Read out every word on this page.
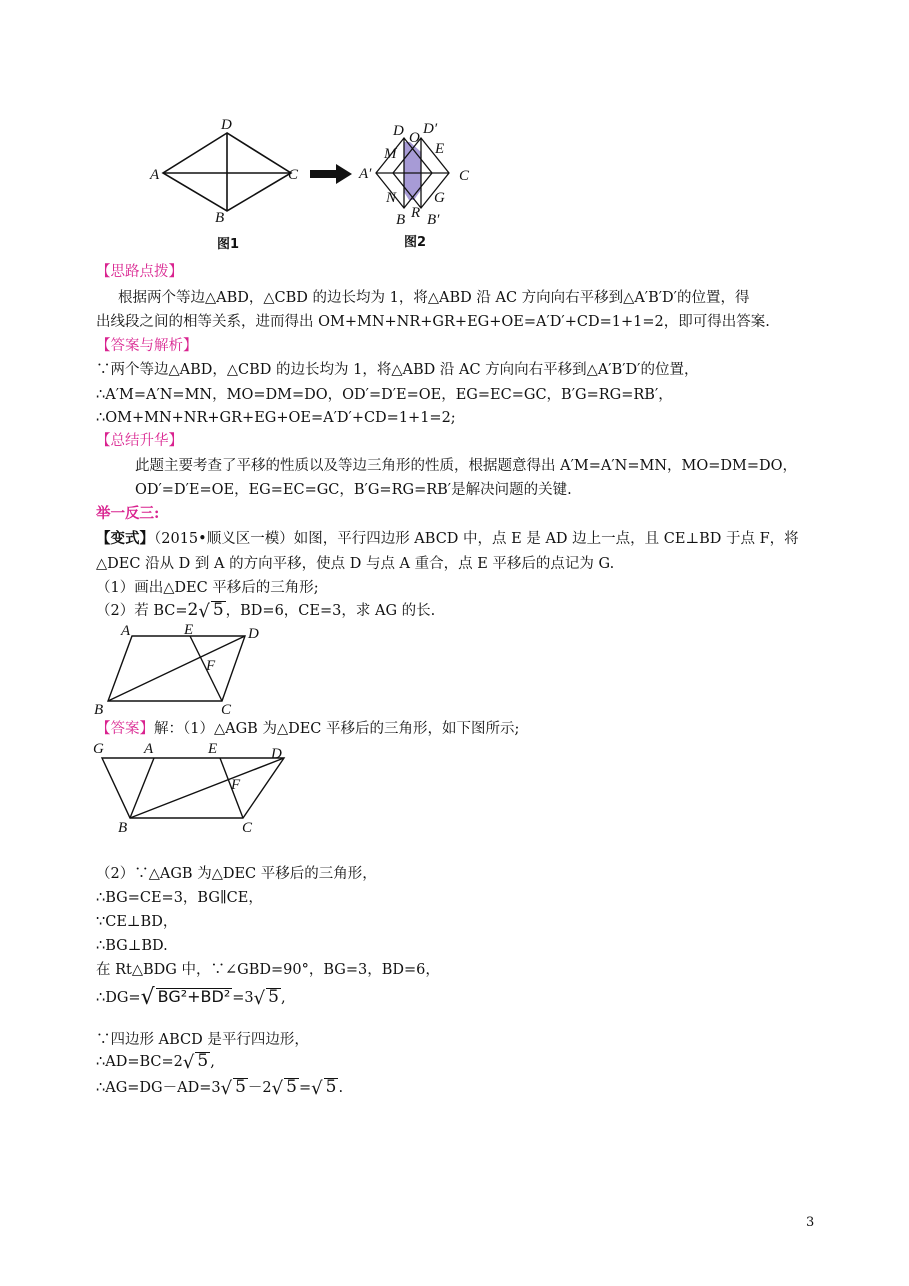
D
A	C
B
图1
D O
D′
M	E
A′	C
N	G
B R B′
图2
【思路点拨】
根据两个等边△ABD，△CBD 的边长均为 1，将△ABD 沿 AC 方向向右平移到△A′B′D′的位置，得
出线段之间的相等关系，进而得出 OM+MN+NR+GR+EG+OE=A′D′+CD=1+1=2，即可得出答案.
【答案与解析】
∵两个等边△ABD，△CBD 的边长均为 1，将△ABD 沿 AC 方向向右平移到△A′B′D′的位置，
∴A′M=A′N=MN，MO=DM=DO，OD′=D′E=OE，EG=EC=GC，B′G=RG=RB′，
∴OM+MN+NR+GR+EG+OE=A′D′+CD=1+1=2;
【总结升华】
此题主要考查了平移的性质以及等边三角形的性质，根据题意得出 A′M=A′N=MN，MO=DM=DO，
OD′=D′E=OE，EG=EC=GC，B′G=RG=RB′是解决问题的关键.
举一反三:
【变式】（2015•顺义区一模）如图，平行四边形 ABCD 中，点 E 是 AD 边上一点，且 CE⊥BD 于点 F，将
△DEC 沿从 D 到 A 的方向平移，使点 D 与点 A 重合，点 E 平移后的点记为 G.
（1）画出△DEC 平移后的三角形;
（2）若 BC=2√ 5 ，BD=6，CE=3，求 AG 的长.
A	E	D
F
B	C
【答案】解：（1）△AGB 为△DEC 平移后的三角形，如下图所示;
G	A	E	D
F
B	C
（2）∵△AGB 为△DEC 平移后的三角形，
∴BG=CE=3，BG∥CE，
∵CE⊥BD，
∴BG⊥BD.
在 Rt△BDG 中，∵∠GBD=90°，BG=3，BD=6，
∴DG=√ BG²+BD² =3√ 5 ,
∵四边形 ABCD 是平行四边形，
∴AD=BC=2√ 5 ,
∴AG=DG－AD=3√ 5 －2√ 5 =√ 5 .
3
